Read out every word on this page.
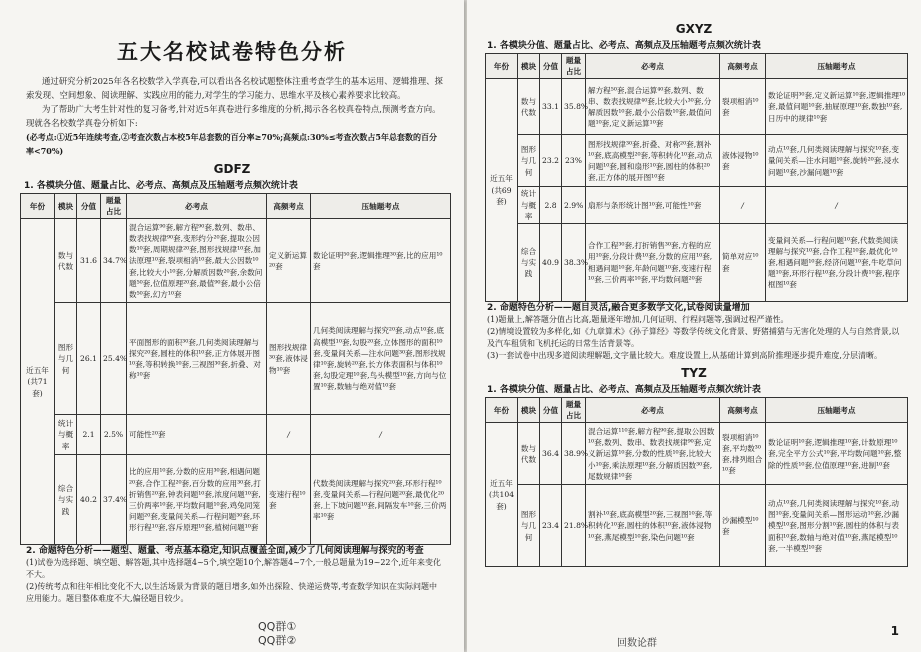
五大名校试卷特色分析

通过研究分析2025年各名校数学入学真卷,可以看出各名校试题整体注重考查学生的基本运用、逻辑推理、探索发现、空间想象、阅读理解、实践应用的能力,对学生的学习能力、思维水平及核心素养要求比较高。

为了帮助广大考生针对性的复习备考,针对近5年真卷进行多维度的分析,揭示各名校真卷特点,预测考查方向。现就各名校数学真卷分析如下:

(必考点:①近5年连续考查,②考查次数占本校5年总套数的百分率≥70%;高频点:30%≤考查次数占5年总套数的百分率<70%)

GDFZ
1. 各模块分值、题量占比、必考点、高频点及压轴题考点频次统计表
年份	模块	分值	题量占比	必考点	高频考点	压轴题考点
近五年(共71套)	数与代数	31.6	34.7%	混合运算⁹⁰套,解方程⁹⁰套,数列、数串、数表找规律⁹⁰套,变形约分²⁰套,提取公因数¹⁰套,周期规律²⁰套,图形找规律¹⁰套,加法原理¹⁰套,裂项相消¹⁰套,最大公因数¹⁰套,比较大小¹⁰套,分解质因数²⁰套,余数问题⁵⁰套,位值原理²⁰套,最值⁹⁰套,最小公倍数⁵⁰套,幻方¹⁰套	定义新运算²⁰套	数论证明⁵⁰套,逻辑推理³⁰套,比的应用¹⁰套
	图形与几何	26.1	25.4%	平面图形的面积³⁰套,几何类阅读理解与探究²⁰套,圆柱的体积¹⁰套,正方体展开图¹⁰套,等积转换¹⁰套,三视图³⁰套,折叠、对称¹⁰套	图形找规律³⁰套,液体浸物¹⁰套	几何类阅读理解与探究²⁰套,动点¹⁰套,底高模型¹⁰套,勾股²⁰套,立体图形的面积¹⁰套,变量间关系—注水问题³⁰套,图形找规律¹⁰套,旋转²⁰套,长方体表面积与体积¹⁰套,勾股定理¹⁰套,鸟头模型¹⁰套,方向与位置¹⁰套,数轴与绝对值¹⁰套
	统计与概率	2.1	2.5%	可能性²⁰套	/	/
	综合与实践	40.2	37.4%	比的应用¹⁰套,分数的应用³⁰套,相遇问题²⁰套,合作工程²⁰套,百分数的应用³⁰套,打折销售²⁰套,钟表问题¹⁰套,浓度问题¹⁰套,三价两率¹⁰套,平均数问题¹⁰套,鸡兔同笼问题²⁰套,变量间关系—行程问题³⁰套,环形行程¹⁰套,容斥原理¹⁰套,植树问题¹⁰套	变速行程¹⁰套	代数类阅读理解与探究²⁰套,环形行程¹⁰套,变量间关系—行程问题²⁰套,最优化²⁰套,上下坡问题¹⁰套,间隔发车¹⁰套,三价两率¹⁰套

2. 命题特色分析——题型、题量、考点基本稳定,知识点覆盖全面,减少了几何阅读理解与探究的考查

(1)试卷为选择题、填空题、解答题,其中选择题4~5个,填空题10个,解答题4~7个,一般总题量为19~22个,近年来变化不大。

(2)传统考点和往年相比变化不大,以生活场景为背景的题目增多,如外出探险、快递运费等,考查数学知识在实际问题中应用能力。题目整体难度不大,偏径题目较少。

QQ群①
QQ群②
GXYZ
1. 各模块分值、题量占比、必考点、高频点及压轴题考点频次统计表
年份	模块	分值	题量占比	必考点	高频考点	压轴题考点
近五年(共69套)	数与代数	33.1	35.8%	解方程⁵⁰套,混合运算⁴⁰套,数列、数串、数表找规律⁴⁰套,比较大小³⁰套,分解质因数¹⁰套,最小公倍数¹⁰套,最值问题¹⁰套,定义新运算¹⁰套	裂项相消¹⁰套	数论证明³⁰套,定义新运算¹⁰套,逻辑推理¹⁰套,最值问题¹⁰套,抽屉原理¹⁰套,数独¹⁰套,日历中的规律¹⁰套
	图形与几何	23.2	23%	图形找规律³⁰套,折叠、对称²⁰套,割补¹⁰套,底高模型²⁰套,等积转化¹⁰套,动点问题¹⁰套,圆和扇形¹⁰套,圆柱的体积²⁰套,正方体的展开图¹⁰套	液体浸物¹⁰套	动点¹⁰套,几何类阅读理解与探究¹⁰套,变量间关系—注水问题¹⁰套,旋转²⁰套,浸水问题¹⁰套,沙漏问题¹⁰套
	统计与概率	2.8	2.9%	扇形与条形统计图¹⁰套,可能性¹⁰套	/	/
	综合与实践	40.9	38.3%	合作工程³⁰套,打折销售³⁰套,方程的应用¹⁰套,分段计费¹⁰套,分数的应用¹⁰套,相遇问题¹⁰套,年龄问题¹⁰套,变速行程¹⁰套,三价两率¹⁰套,平均数问题²⁰套	简单对应¹⁰套	变量间关系—行程问题¹⁰套,代数类阅读理解与探究¹⁰套,合作工程¹⁰套,最优化¹⁰套,相遇问题¹⁰套,经济问题¹⁰套,牛吃草问题¹⁰套,环形行程¹⁰套,分段计费¹⁰套,程序框图¹⁰套

2. 命题特色分析——题目灵活,融合更多数学文化,试卷阅读量增加

(1)题量上,解答题分值占比高,题量逐年增加,几何证明、行程问题等,强调过程严谨性。

(2)情境设置较为多样化,如《九章算术》《孙子算经》等数学传统文化背景、野猪捕猎与无害化处理的人与自然背景,以及汽车租赁和飞机托运的日常生活背景等。

(3)一套试卷中出现多道阅读理解题,文字量比较大。难度设置上,从基础计算到高阶推理逐步提升难度,分层清晰。

TYZ
1. 各模块分值、题量占比、必考点、高频点及压轴题考点频次统计表
年份	模块	分值	题量占比	必考点	高频考点	压轴题考点
近五年(共104套)	数与代数	36.4	38.9%	混合运算¹¹⁰套,解方程⁹⁰套,提取公因数¹⁰套,数列、数串、数表找规律⁹⁰套,定义新运算¹⁰套,分数的性质¹⁰套,比较大小¹⁰套,乘法原理¹⁰套,分解质因数³⁰套,尾数规律¹⁰套	裂项相消¹⁰套,平均数³⁰套,排列组合¹⁰套	数论证明¹⁰套,逻辑推理¹⁰套,计数原理¹⁰套,完全平方公式¹⁰套,平均数问题¹⁰套,整除的性质¹⁰套,位值原理¹⁰套,进制¹⁰套
	图形与几何	23.4	21.8%	割补¹⁰套,底高模型²⁰套,三视图¹⁰套,等积转化¹⁰套,圆柱的体积¹⁰套,液体浸物¹⁰套,燕尾模型¹⁰套,染色问题¹⁰套	沙漏模型¹⁰套	动点¹⁰套,几何类阅读理解与探究¹⁰套,动图¹⁰套,变量间关系—图形运动¹⁰套,沙漏模型¹⁰套,图形分割¹⁰套,圆柱的体积与表面积¹⁰套,数轴与绝对值¹⁰套,燕尾模型¹⁰套,一半模型¹⁰套
回数论群
1
